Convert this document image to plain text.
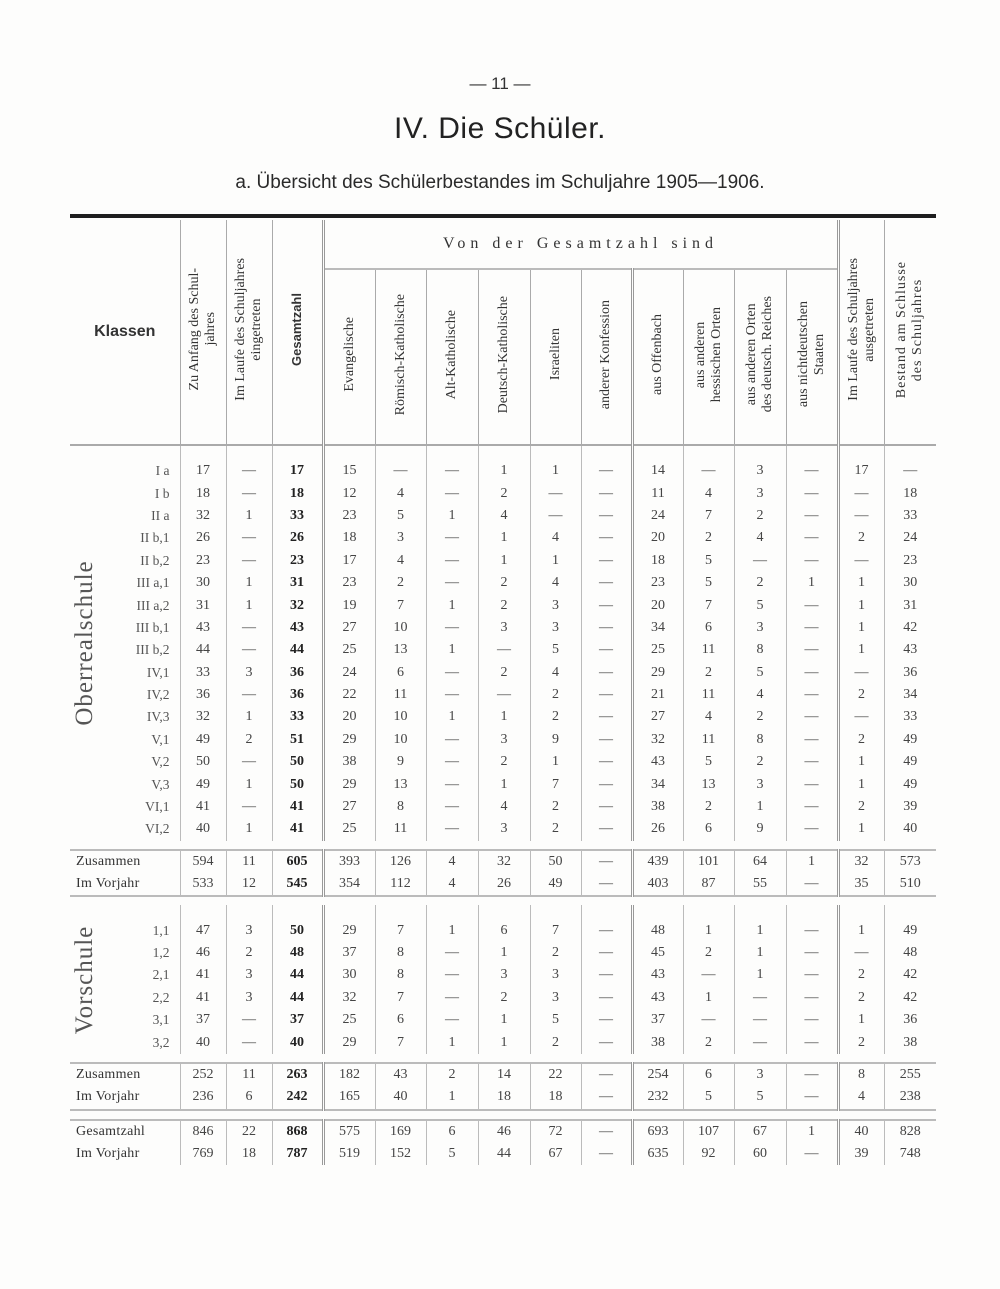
— 11 —
IV. Die Schüler.
a. Übersicht des Schülerbestandes im Schuljahre 1905—1906.
Klassen		Zu Anfang des Schul-
jahres	Im Laufe des Schuljahres
eingetreten	Gesamtzahl	Von der Gesamtzahl sind										Im Laufe des Schuljahres
ausgetreten	Bestand am Schlusse
des Schuljahres
					Evangelische	Römisch-Katholische	Alt-Katholische	Deutsch-Katholische	Israeliten	anderer Konfession	aus Offenbach	aus anderen
hessischen Orten	aus anderen Orten
des deutsch. Reiches	aus nichtdeutschen
Staaten		

Oberrealschule	I a	17	—	17	15	—	—	1	1	—	14	—	3	—	17	—
	I b	18	—	18	12	4	—	2	—	—	11	4	3	—	—	18
	II a	32	1	33	23	5	1	4	—	—	24	7	2	—	—	33
	II b,1	26	—	26	18	3	—	1	4	—	20	2	4	—	2	24
	II b,2	23	—	23	17	4	—	1	1	—	18	5	—	—	—	23
	III a,1	30	1	31	23	2	—	2	4	—	23	5	2	1	1	30
	III a,2	31	1	32	19	7	1	2	3	—	20	7	5	—	1	31
	III b,1	43	—	43	27	10	—	3	3	—	34	6	3	—	1	42
	III b,2	44	—	44	25	13	1	—	5	—	25	11	8	—	1	43
	IV,1	33	3	36	24	6	—	2	4	—	29	2	5	—	—	36
	IV,2	36	—	36	22	11	—	—	2	—	21	11	4	—	2	34
	IV,3	32	1	33	20	10	1	1	2	—	27	4	2	—	—	33
	V,1	49	2	51	29	10	—	3	9	—	32	11	8	—	2	49
	V,2	50	—	50	38	9	—	2	1	—	43	5	2	—	1	49
	V,3	49	1	50	29	13	—	1	7	—	34	13	3	—	1	49
	VI,1	41	—	41	27	8	—	4	2	—	38	2	1	—	2	39
	VI,2	40	1	41	25	11	—	3	2	—	26	6	9	—	1	40

Zusammen		594	11	605	393	126	4	32	50	—	439	101	64	1	32	573
Im Vorjahr		533	12	545	354	112	4	26	49	—	403	87	55	—	35	510

Vorschule	1,1	47	3	50	29	7	1	6	7	—	48	1	1	—	1	49
	1,2	46	2	48	37	8	—	1	2	—	45	2	1	—	—	48
	2,1	41	3	44	30	8	—	3	3	—	43	—	1	—	2	42
	2,2	41	3	44	32	7	—	2	3	—	43	1	—	—	2	42
	3,1	37	—	37	25	6	—	1	5	—	37	—	—	—	1	36
	3,2	40	—	40	29	7	1	1	2	—	38	2	—	—	2	38

Zusammen		252	11	263	182	43	2	14	22	—	254	6	3	—	8	255
Im Vorjahr		236	6	242	165	40	1	18	18	—	232	5	5	—	4	238

Gesamtzahl		846	22	868	575	169	6	46	72	—	693	107	67	1	40	828
Im Vorjahr		769	18	787	519	152	5	44	67	—	635	92	60	—	39	748
